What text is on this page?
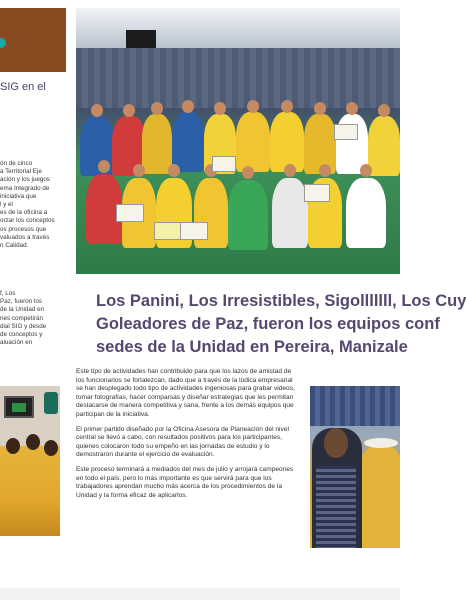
SIG en el
ón de cinco
a Territorial Eje
ación y los juegos
ema Integrado de
iniciativa que
l y el
es de la oficina a
orzar los conceptos
os procesos que
valuados a través
n Calidad.
f, Los
Paz, fueron los
de la Unidad en
nes competirán
dial SIG y desde
de conceptos y
aluación en
Los Panini, Los Irresistibles, Sigolllllll, Los Cuy
Goleadores de Paz, fueron los equipos conf
sedes de la Unidad en Pereira, Manizale

Este tipo de actividades han contribuido para que los lazos de amistad de los funcionarios se fortalezcan, dado que a través de la lúdica empresarial se han desplegado todo tipo de actividades ingeniosas para grabar videos, tomar fotografías, hacer comparsas y diseñar estrategias que les permitan destacarse de manera competitiva y sana, frente a los demás equipos que participan de la iniciativa.

El primer partido diseñado por la Oficina Asesora de Planeación del nivel central se llevó a cabo, con resultados positivos para los participantes, quienes colocaron todo su empeño en las jornadas de estudio y lo demostraron durante el ejercicio de evaluación.

Este proceso terminará a mediados del mes de julio y arrojará campeones en todo el país, pero lo más importante es que servirá para que los trabajadores aprendan mucho más acerca de los procedimientos de la Unidad y la forma eficaz de aplicarlos.
